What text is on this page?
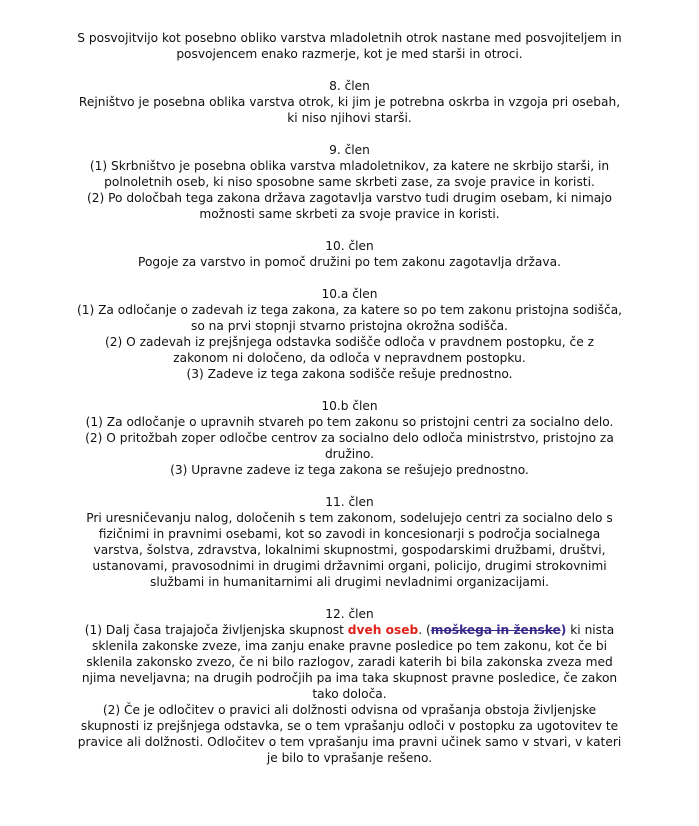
S posvojitvijo kot posebno obliko varstva mladoletnih otrok nastane med posvojiteljem in posvojencem enako razmerje, kot je med starši in otroci.

8. člen

Rejništvo je posebna oblika varstva otrok, ki jim je potrebna oskrba in vzgoja pri osebah, ki niso njihovi starši.

9. člen

(1) Skrbništvo je posebna oblika varstva mladoletnikov, za katere ne skrbijo starši, in polnoletnih oseb, ki niso sposobne same skrbeti zase, za svoje pravice in koristi.

(2) Po določbah tega zakona država zagotavlja varstvo tudi drugim osebam, ki nimajo možnosti same skrbeti za svoje pravice in koristi.

10. člen

Pogoje za varstvo in pomoč družini po tem zakonu zagotavlja država.

10.a člen

(1) Za odločanje o zadevah iz tega zakona, za katere so po tem zakonu pristojna sodišča, so na prvi stopnji stvarno pristojna okrožna sodišča.

(2) O zadevah iz prejšnjega odstavka sodišče odloča v pravdnem postopku, če z zakonom ni določeno, da odloča v nepravdnem postopku.

(3) Zadeve iz tega zakona sodišče rešuje prednostno.

10.b člen

(1) Za odločanje o upravnih stvareh po tem zakonu so pristojni centri za socialno delo.

(2) O pritožbah zoper odločbe centrov za socialno delo odloča ministrstvo, pristojno za družino.

(3) Upravne zadeve iz tega zakona se rešujejo prednostno.

11. člen

Pri uresničevanju nalog, določenih s tem zakonom, sodelujejo centri za socialno delo s fizičnimi in pravnimi osebami, kot so zavodi in koncesionarji s področja socialnega varstva, šolstva, zdravstva, lokalnimi skupnostmi, gospodarskimi družbami, društvi, ustanovami, pravosodnimi in drugimi državnimi organi, policijo, drugimi strokovnimi službami in humanitarnimi ali drugimi nevladnimi organizacijami.

12. člen

(1) Dalj časa trajajoča življenjska skupnost dveh oseb. (moškega in ženske) ki nista sklenila zakonske zveze, ima zanju enake pravne posledice po tem zakonu, kot če bi sklenila zakonsko zvezo, če ni bilo razlogov, zaradi katerih bi bila zakonska zveza med njima neveljavna; na drugih področjih pa ima taka skupnost pravne posledice, če zakon tako določa.

(2) Če je odločitev o pravici ali dolžnosti odvisna od vprašanja obstoja življenjske skupnosti iz prejšnjega odstavka, se o tem vprašanju odloči v postopku za ugotovitev te pravice ali dolžnosti. Odločitev o tem vprašanju ima pravni učinek samo v stvari, v kateri je bilo to vprašanje rešeno.
